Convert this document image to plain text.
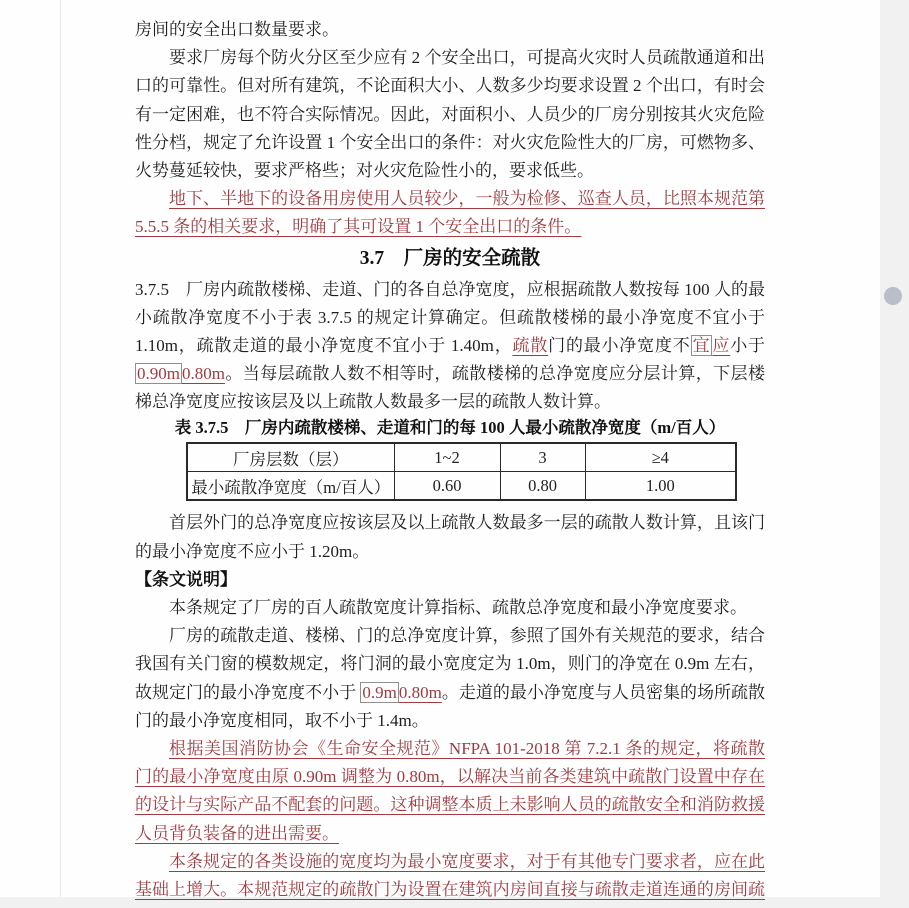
房间的安全出口数量要求。
要求厂房每个防火分区至少应有 2 个安全出口，可提高火灾时人员疏散通道和出
口的可靠性。但对所有建筑，不论面积大小、人数多少均要求设置 2 个出口，有时会
有一定困难，也不符合实际情况。因此，对面积小、人员少的厂房分别按其火灾危险
性分档，规定了允许设置 1 个安全出口的条件：对火灾危险性大的厂房，可燃物多、
火势蔓延较快，要求严格些；对火灾危险性小的，要求低些。
地下、半地下的设备用房使用人员较少，一般为检修、巡查人员，比照本规范第
5.5.5 条的相关要求，明确了其可设置 1 个安全出口的条件。
3.7　厂房的安全疏散
3.7.5　厂房内疏散楼梯、走道、门的各自总净宽度，应根据疏散人数按每 100 人的最
小疏散净宽度不小于表 3.7.5 的规定计算确定。但疏散楼梯的最小净宽度不宜小于
1.10m，疏散走道的最小净宽度不宜小于 1.40m，疏散门的最小净宽度不 宜 应小于
0.90m 0.80m。当每层疏散人数不相等时，疏散楼梯的总净宽度应分层计算，下层楼
梯总净宽度应按该层及以上疏散人数最多一层的疏散人数计算。
表 3.7.5　厂房内疏散楼梯、走道和门的每 100 人最小疏散净宽度（m/百人）
厂房层数（层）	1~2	3	≥4
最小疏散净宽度（m/百人）	0.60	0.80	1.00
首层外门的总净宽度应按该层及以上疏散人数最多一层的疏散人数计算，且该门
的最小净宽度不应小于 1.20m。
【条文说明】
本条规定了厂房的百人疏散宽度计算指标、疏散总净宽度和最小净宽度要求。
厂房的疏散走道、楼梯、门的总净宽度计算，参照了国外有关规范的要求，结合
我国有关门窗的模数规定，将门洞的最小宽度定为 1.0m，则门的净宽在 0.9m 左右，
故规定门的最小净宽度不小于 0.9m 0.80m。走道的最小净宽度与人员密集的场所疏散
门的最小净宽度相同，取不小于 1.4m。
根据美国消防协会《生命安全规范》NFPA 101-2018 第 7.2.1 条的规定，将疏散
门的最小净宽度由原 0.90m 调整为 0.80m，以解决当前各类建筑中疏散门设置中存在
的设计与实际产品不配套的问题。这种调整本质上未影响人员的疏散安全和消防救援
人员背负装备的进出需要。
本条规定的各类设施的宽度均为最小宽度要求，对于有其他专门要求者，应在此
基础上增大。本规范规定的疏散门为设置在建筑内房间直接与疏散走道连通的房间疏
